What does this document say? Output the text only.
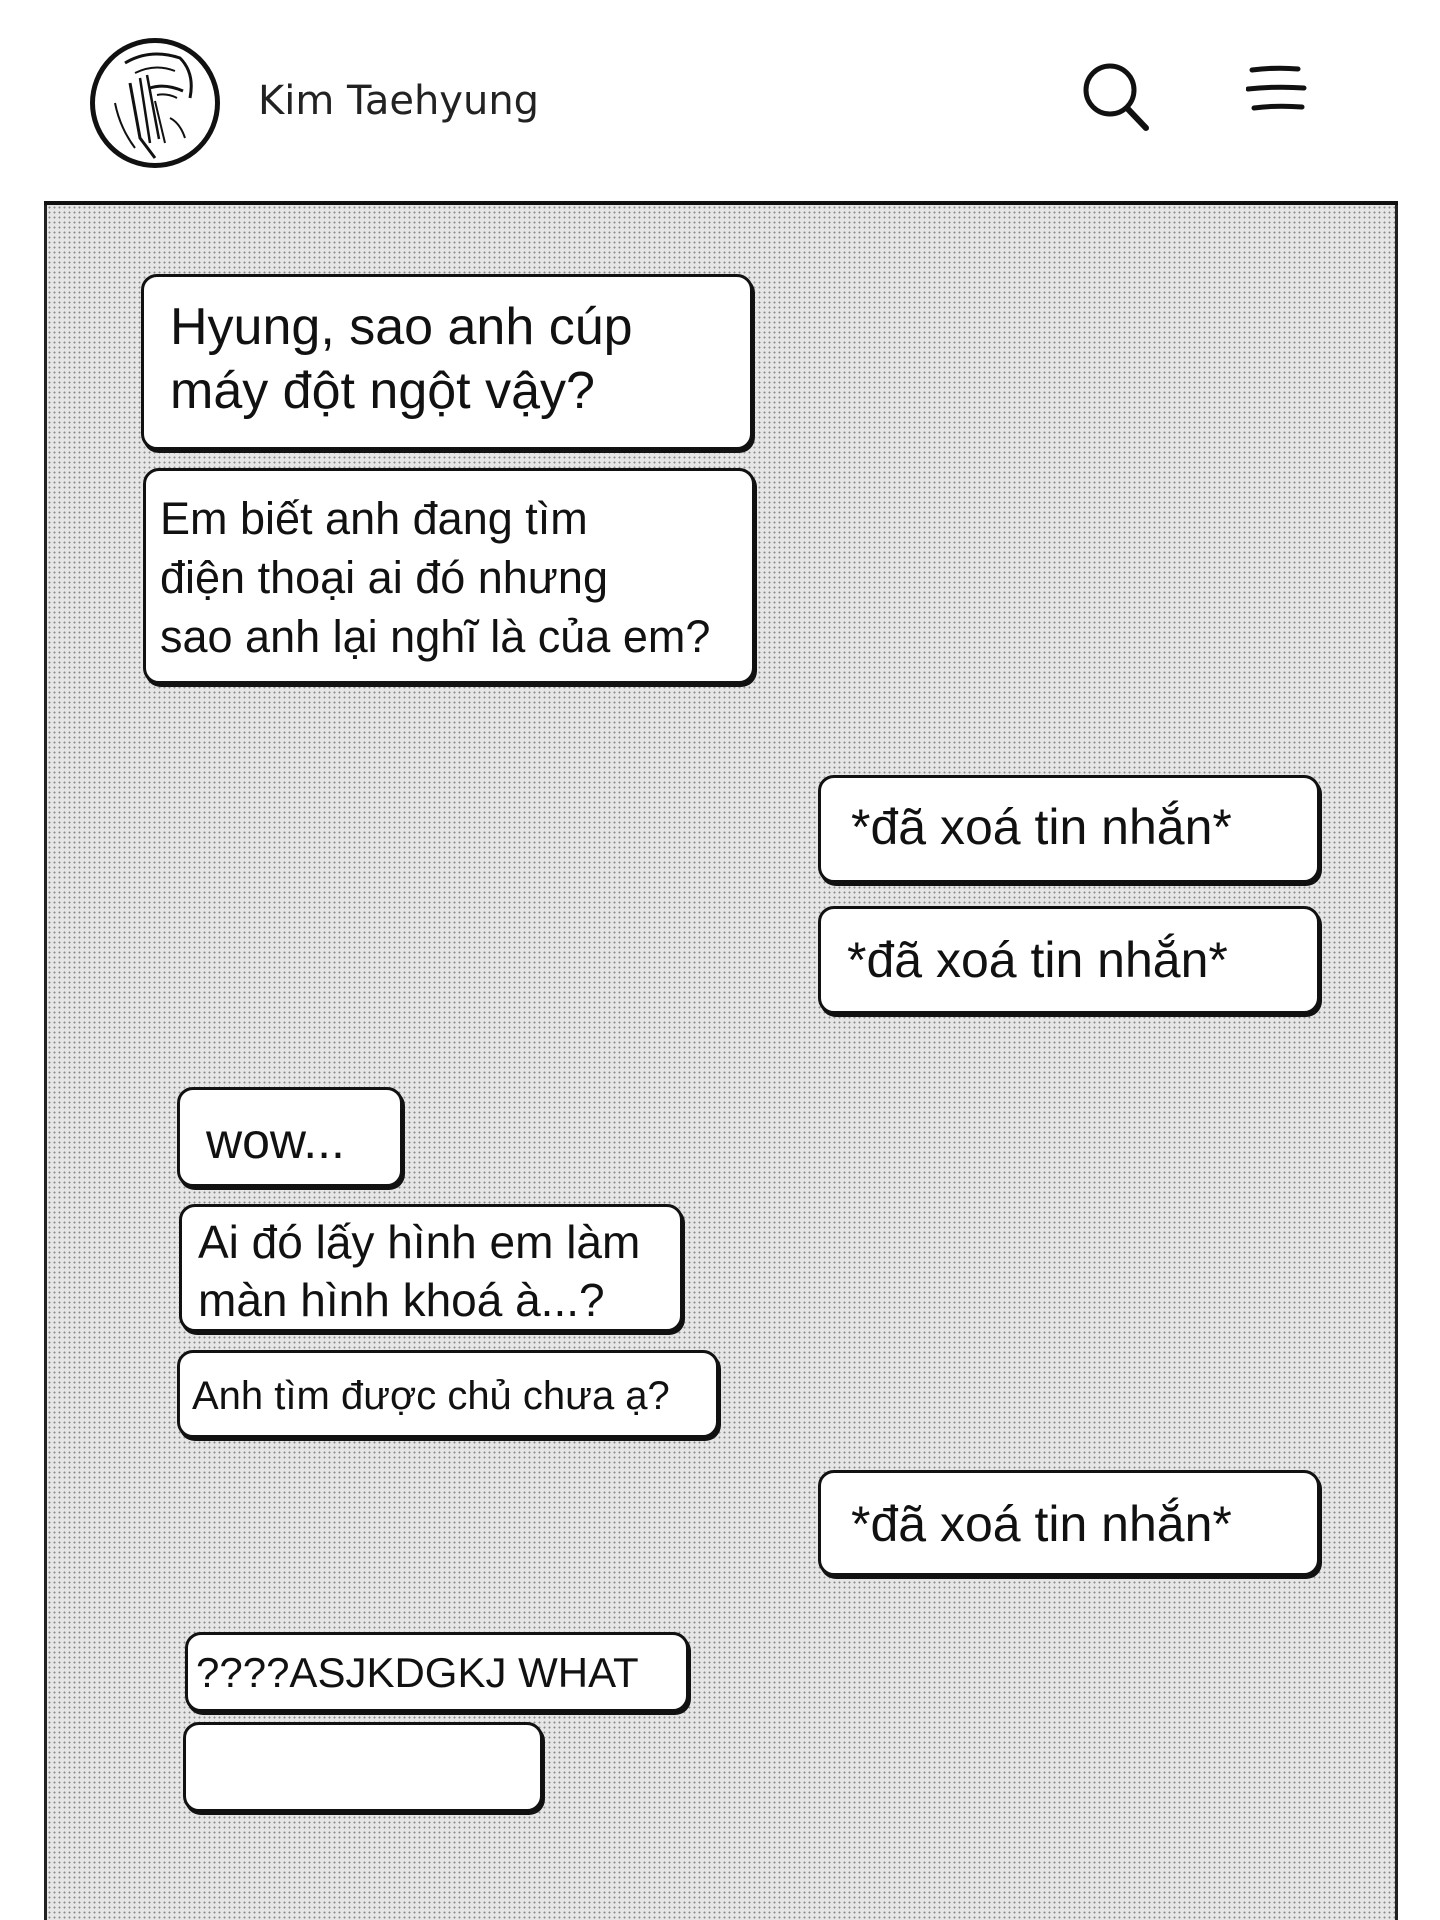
Kim Taehyung
Hyung, sao anh cúp
máy đột ngột vậy?
Em biết anh đang tìm
điện thoại ai đó nhưng
sao anh lại nghĩ là của em?
*đã xoá tin nhắn*
*đã xoá tin nhắn*
wow...
Ai đó lấy hình em làm
màn hình khoá à...?
Anh tìm được chủ chưa ạ?
*đã xoá tin nhắn*
????ASJKDGKJ WHAT
